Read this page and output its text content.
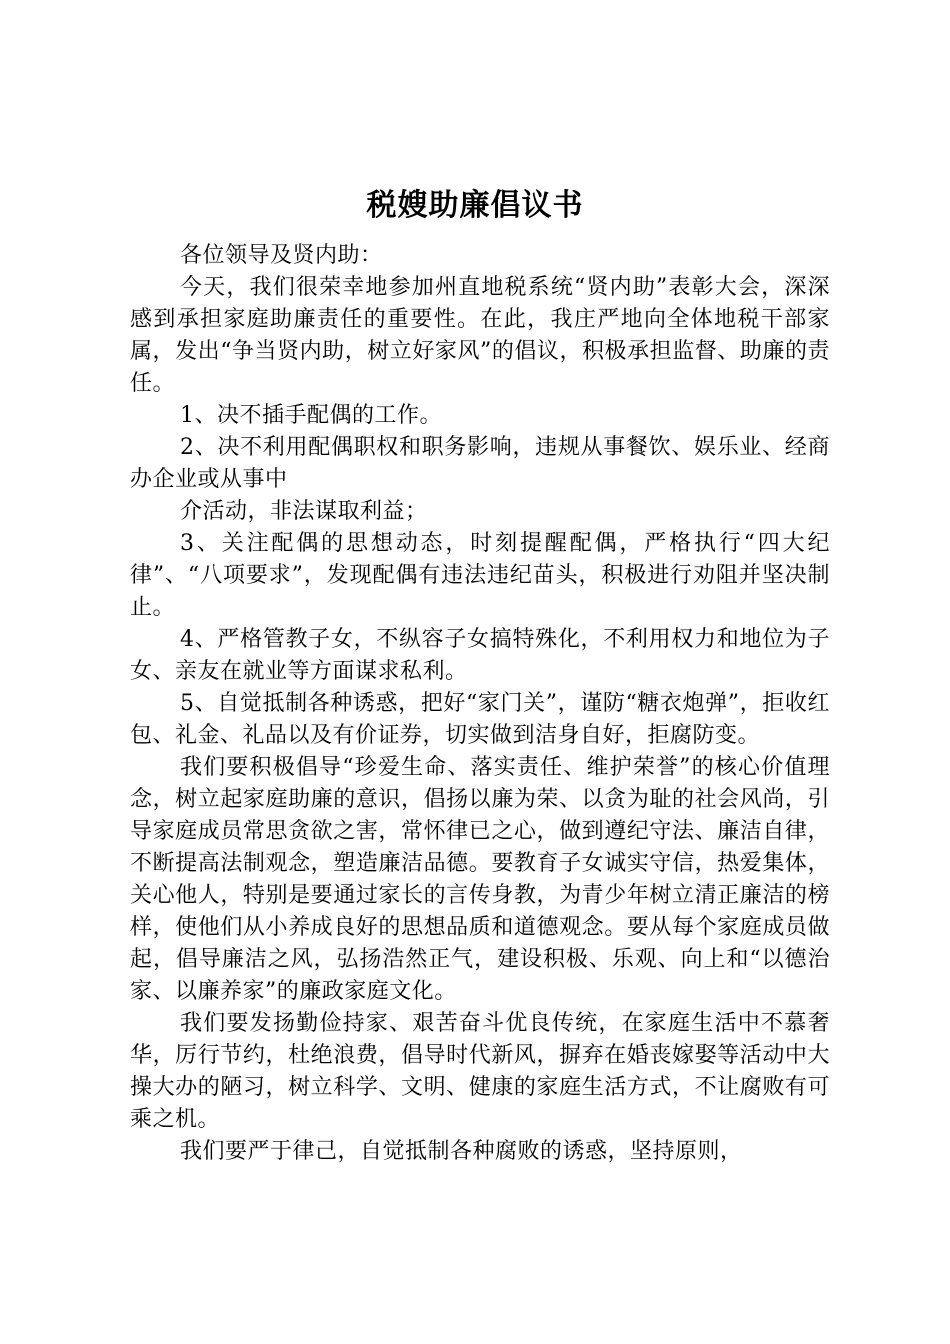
税嫂助廉倡议书

各位领导及贤内助：

今天，我们很荣幸地参加州直地税系统“贤内助”表彰大会，深深感到承担家庭助廉责任的重要性。在此，我庄严地向全体地税干部家属，发出“争当贤内助，树立好家风”的倡议，积极承担监督、助廉的责任。

1、决不插手配偶的工作。

2、决不利用配偶职权和职务影响，违规从事餐饮、娱乐业、经商办企业或从事中

介活动，非法谋取利益；

3、关注配偶的思想动态，时刻提醒配偶，严格执行“四大纪律”、“八项要求”，发现配偶有违法违纪苗头，积极进行劝阻并坚决制止。

4、严格管教子女，不纵容子女搞特殊化，不利用权力和地位为子女、亲友在就业等方面谋求私利。

5、自觉抵制各种诱惑，把好“家门关”，谨防“糖衣炮弹”，拒收红包、礼金、礼品以及有价证券，切实做到洁身自好，拒腐防变。

我们要积极倡导“珍爱生命、落实责任、维护荣誉”的核心价值理念，树立起家庭助廉的意识，倡扬以廉为荣、以贪为耻的社会风尚，引导家庭成员常思贪欲之害，常怀律已之心，做到遵纪守法、廉洁自律，不断提高法制观念，塑造廉洁品德。要教育子女诚实守信，热爱集体，关心他人，特别是要通过家长的言传身教，为青少年树立清正廉洁的榜样，使他们从小养成良好的思想品质和道德观念。要从每个家庭成员做起，倡导廉洁之风，弘扬浩然正气，建设积极、乐观、向上和“以德治家、以廉养家”的廉政家庭文化。

我们要发扬勤俭持家、艰苦奋斗优良传统，在家庭生活中不慕奢华，厉行节约，杜绝浪费，倡导时代新风，摒弃在婚丧嫁娶等活动中大操大办的陋习，树立科学、文明、健康的家庭生活方式，不让腐败有可乘之机。

我们要严于律己，自觉抵制各种腐败的诱惑，坚持原则，
